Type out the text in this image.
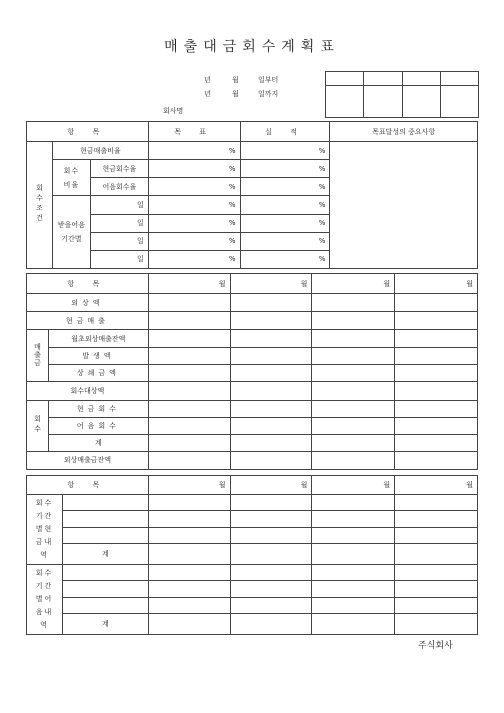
매출대금회수계획표
년	월	일부터
년	월	일까지
회사명

항 목			목 표	실 적	목표달성의 중요사항
회수조건	현금매출비율		%	%	
	회수비율	현금회수율	%	%	
		어음회수율	%	%	
	받을어음기간별	일	%	%	
		일	%	%	
		일	%	%	
		일	%	%	
항 목		월	월	월	월
외상액					
현금매출					
매출금	월초외상매출잔액				
	발생액				
	상쇄금액				
회수대상액					
회수	현금회수				
	어음회수				
	계				
외상매출금잔액					
항 목		월	월	월	월
회수기간별현금내역					

	계				
회수기간별어음내역					

	계				
주식회사
